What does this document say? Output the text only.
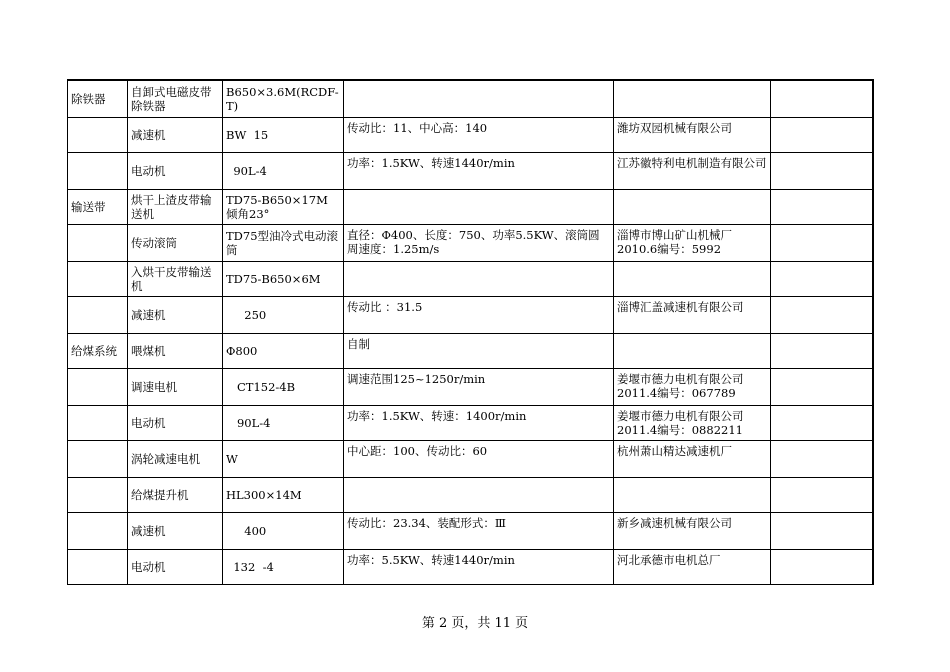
除铁器	自卸式电磁皮带除铁器	B650×3.6M(RCDF-T)			
	减速机	BW  15	传动比：11、中心高：140	潍坊双园机械有限公司	
	电动机	90L-4	功率：1.5KW、转速1440r/min	江苏徽特利电机制造有限公司	
输送带	烘干上渣皮带输送机	TD75-B650×17M
倾角23°			
	传动滚筒	TD75型油冷式电动滚筒	直径：Φ400、长度：750、功率5.5KW、滚筒圆周速度：1.25m/s	淄博市博山矿山机械厂
2010.6编号：5992	
	入烘干皮带输送机	TD75-B650×6M			
	减速机	250	传动比 ：31.5	淄博汇盖减速机有限公司	
给煤系统	喂煤机	Φ800	自制		
	调速电机	CT152-4B	调速范围125~1250r/min	姜堰市德力电机有限公司
2011.4编号：067789	
	电动机	90L-4	功率：1.5KW、转速：1400r/min	姜堰市德力电机有限公司
2011.4编号：0882211	
	涡轮减速电机	W	中心距：100、传动比：60	杭州萧山精达减速机厂	
	给煤提升机	HL300×14M			
	减速机	400	传动比：23.34、装配形式：Ⅲ	新乡减速机械有限公司	
	电动机	132  -4	功率：5.5KW、转速1440r/min	河北承德市电机总厂	
第 2 页，共 11 页
